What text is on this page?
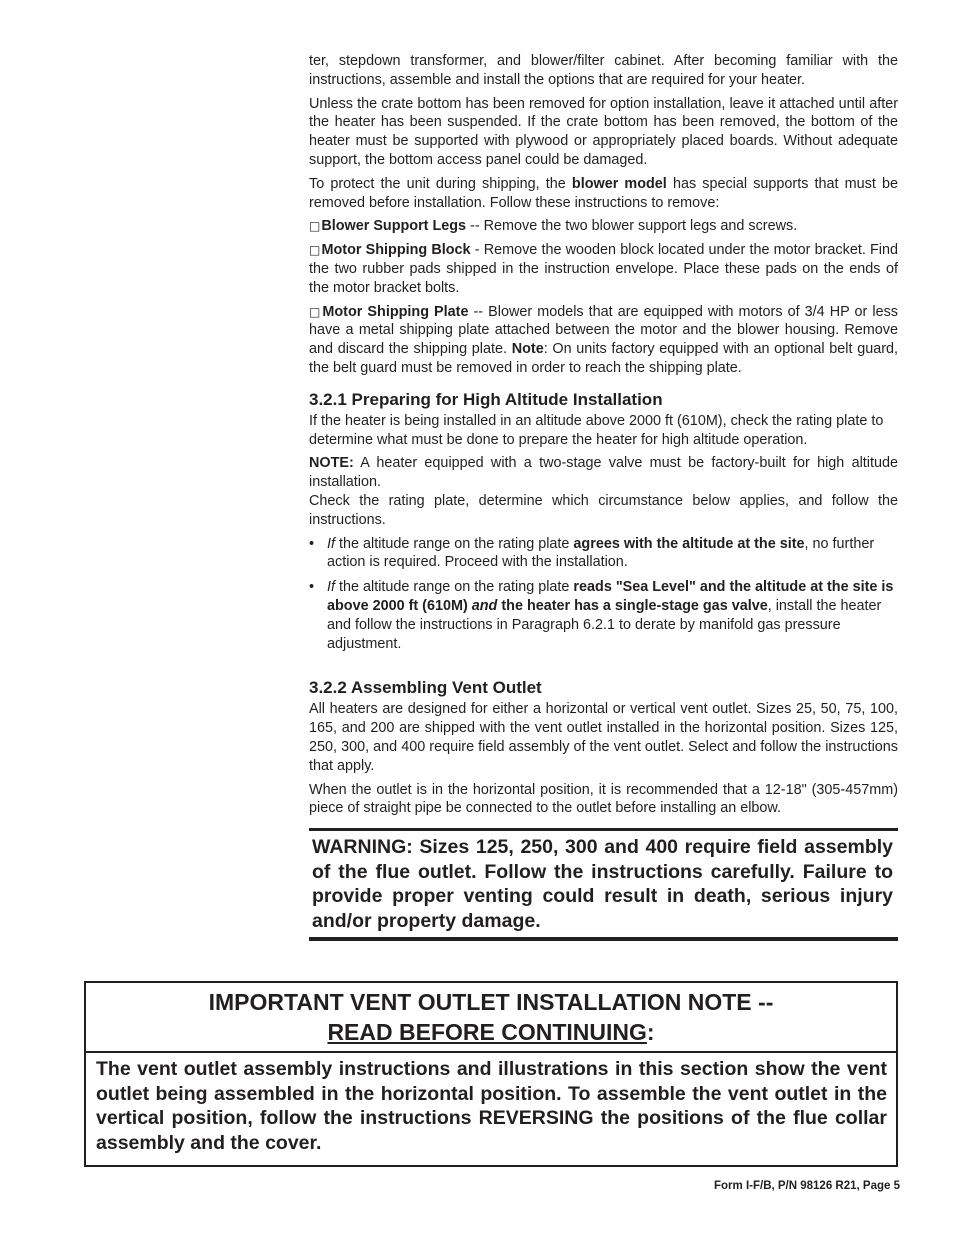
ter, stepdown transformer, and blower/filter cabinet. After becoming familiar with the instructions, assemble and install the options that are required for your heater.

Unless the crate bottom has been removed for option installation, leave it attached until after the heater has been suspended. If the crate bottom has been removed, the bottom of the heater must be supported with plywood or appropriately placed boards. Without adequate support, the bottom access panel could be damaged.

To protect the unit during shipping, the blower model has special supports that must be removed before installation. Follow these instructions to remove:

□Blower Support Legs -- Remove the two blower support legs and screws.

□Motor Shipping Block - Remove the wooden block located under the motor bracket. Find the two rubber pads shipped in the instruction envelope. Place these pads on the ends of the motor bracket bolts.

□Motor Shipping Plate -- Blower models that are equipped with motors of 3/4 HP or less have a metal shipping plate attached between the motor and the blower housing. Remove and discard the shipping plate. Note: On units factory equipped with an optional belt guard, the belt guard must be removed in order to reach the shipping plate.

3.2.1 Preparing for High Altitude Installation

If the heater is being installed in an altitude above 2000 ft (610M), check the rating plate to determine what must be done to prepare the heater for high altitude operation.

NOTE: A heater equipped with a two-stage valve must be factory-built for high altitude installation.

Check the rating plate, determine which circumstance below applies, and follow the instructions.

• If the altitude range on the rating plate agrees with the altitude at the site, no further action is required. Proceed with the installation.
• If the altitude range on the rating plate reads "Sea Level" and the altitude at the site is above 2000 ft (610M) and the heater has a single-stage gas valve, install the heater and follow the instructions in Paragraph 6.2.1 to derate by manifold gas pressure adjustment.
3.2.2 Assembling Vent Outlet

All heaters are designed for either a horizontal or vertical vent outlet. Sizes 25, 50, 75, 100, 165, and 200 are shipped with the vent outlet installed in the horizontal position. Sizes 125, 250, 300, and 400 require field assembly of the vent outlet. Select and follow the instructions that apply.

When the outlet is in the horizontal position, it is recommended that a 12-18" (305-457mm) piece of straight pipe be connected to the outlet before installing an elbow.

WARNING: Sizes 125, 250, 300 and 400 require field assembly of the flue outlet. Follow the instructions carefully. Failure to provide proper venting could result in death, serious injury and/or property damage.
IMPORTANT VENT OUTLET INSTALLATION NOTE --
READ BEFORE CONTINUING:
The vent outlet assembly instructions and illustrations in this section show the vent outlet being assembled in the horizontal position. To assemble the vent outlet in the vertical position, follow the instructions REVERSING the positions of the flue collar assembly and the cover.
Form I-F/B, P/N 98126 R21, Page 5
